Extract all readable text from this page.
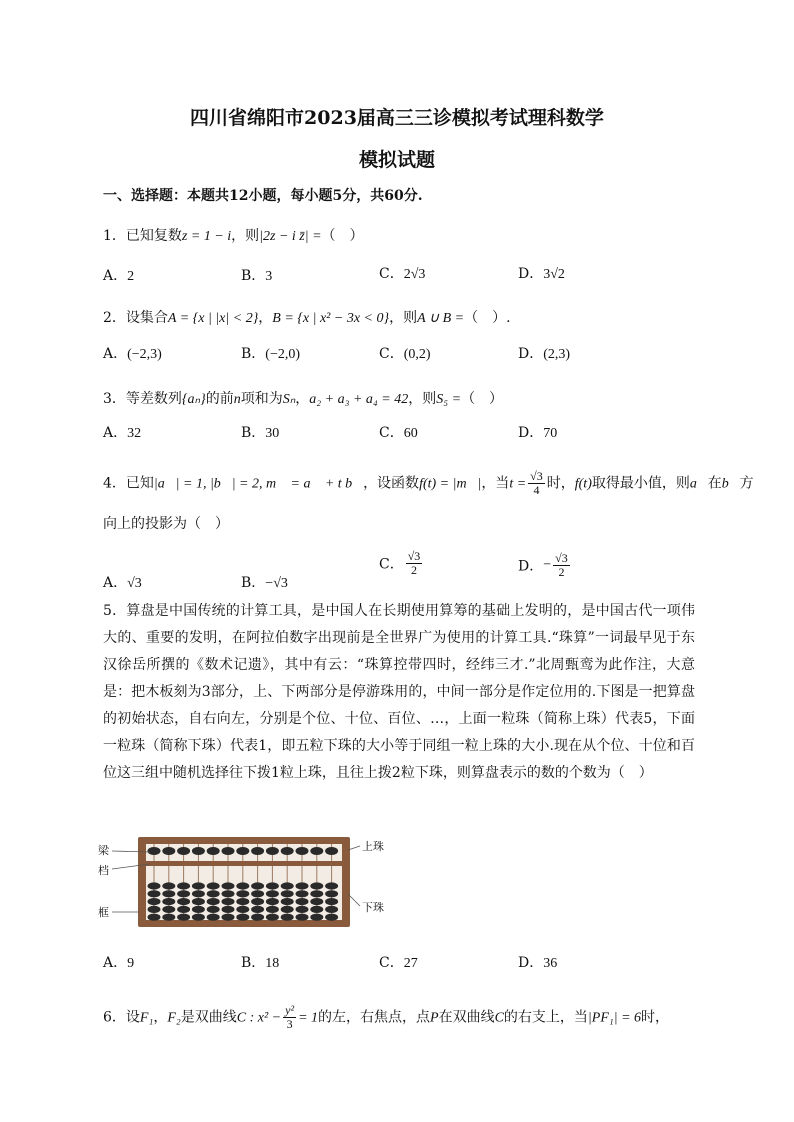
四川省绵阳市2023届高三三诊模拟考试理科数学
模拟试题
一、选择题：本题共12小题，每小题5分，共60分.
1．已知复数z = 1 − i，则|2z − i z̄| =（　）
A．2	B．3	C．2√3	D．3√2
2．设集合A = {x | |x| < 2}，B = {x | x² − 3x < 0}，则A ∪ B =（　）.
A．(−2,3)	B．(−2,0)	C．(0,2)	D．(2,3)
3．等差数列{aₙ}的前n项和为Sₙ，a₂ + a₃ + a₄ = 42，则S₅ =（　）
A．32	B．30	C．60	D．70
4．已知|a⃗| = 1, |b⃗| = 2, m⃗ = a⃗ + t b⃗，设函数f(t) = |m⃗|，当$t = \frac{√3}{4}$ 时，f(t)取得最小值，则a⃗在b⃗方
向上的投影为（　）
A．√3	B．−√3
C． $\frac{√3}{2}$	D．− $\frac{√3}{2}$
5．算盘是中国传统的计算工具，是中国人在长期使用算筹的基础上发明的，是中国古代一项伟大的、重要的发明，在阿拉伯数字出现前是全世界广为使用的计算工具.“珠算”一词最早见于东汉徐岳所撰的《数术记遗》，其中有云：“珠算控带四时，经纬三才.”北周甄鸾为此作注，大意是：把木板刻为3部分，上、下两部分是停游珠用的，中间一部分是作定位用的.下图是一把算盘的初始状态，自右向左，分别是个位、十位、百位、…，上面一粒珠（简称上珠）代表5，下面一粒珠（简称下珠）代表1，即五粒下珠的大小等于同组一粒上珠的大小.现在从个位、十位和百位这三组中随机选择往下拨1粒上珠，且往上拨2粒下珠，则算盘表示的数的个数为（　）
梁
档
框
上珠
下珠
A．9	B．18	C．27	D．36
6．设F₁，F₂是双曲线C : $x^2 - \frac{\text{y²}}{3} = 1$的左，右焦点，点P在双曲线C的右支上，当|PF₁| = 6时，
